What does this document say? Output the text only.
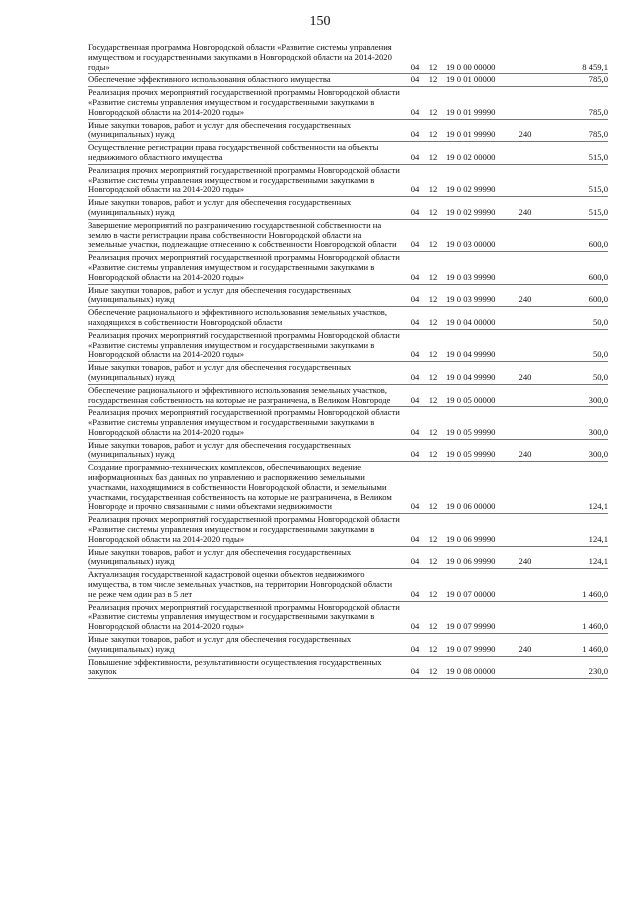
150
Государственная программа Новгородской области «Развитие системы управления имуществом и государственными закупками в Новгородской области на 2014-2020 годы»	04	12	19 0 00 00000		8 459,1
Обеспечение эффективного использования областного имущества	04	12	19 0 01 00000		785,0
Реализация прочих мероприятий государственной программы Новгородской области «Развитие системы управления имуществом и государственными закупками в Новгородской области на 2014-2020 годы»	04	12	19 0 01 99990		785,0
Иные закупки товаров, работ и услуг для обеспечения государственных (муниципальных) нужд	04	12	19 0 01 99990	240	785,0
Осуществление регистрации права государственной собственности на объекты недвижимого областного имущества	04	12	19 0 02 00000		515,0
Реализация прочих мероприятий государственной программы Новгородской области «Развитие системы управления имуществом и государственными закупками в Новгородской области на 2014-2020 годы»	04	12	19 0 02 99990		515,0
Иные закупки товаров, работ и услуг для обеспечения государственных (муниципальных) нужд	04	12	19 0 02 99990	240	515,0
Завершение мероприятий по разграничению государственной собственности на землю в части регистрации права собственности Новгородской области на земельные участки, подлежащие отнесению к собственности Новгородской области	04	12	19 0 03 00000		600,0
Реализация прочих мероприятий государственной программы Новгородской области «Развитие системы управления имуществом и государственными закупками в Новгородской области на 2014-2020 годы»	04	12	19 0 03 99990		600,0
Иные закупки товаров, работ и услуг для обеспечения государственных (муниципальных) нужд	04	12	19 0 03 99990	240	600,0
Обеспечение рационального и эффективного использования земельных участков, находящихся в собственности Новгородской области	04	12	19 0 04 00000		50,0
Реализация прочих мероприятий государственной программы Новгородской области «Развитие системы управления имуществом и государственными закупками в Новгородской области на 2014-2020 годы»	04	12	19 0 04 99990		50,0
Иные закупки товаров, работ и услуг для обеспечения государственных (муниципальных) нужд	04	12	19 0 04 99990	240	50,0
Обеспечение рационального и эффективного использования земельных участков, государственная собственность на которые не разграничена, в Великом Новгороде	04	12	19 0 05 00000		300,0
Реализация прочих мероприятий государственной программы Новгородской области «Развитие системы управления имуществом и государственными закупками в Новгородской области на 2014-2020 годы»	04	12	19 0 05 99990		300,0
Иные закупки товаров, работ и услуг для обеспечения государственных (муниципальных) нужд	04	12	19 0 05 99990	240	300,0
Создание программно-технических комплексов, обеспечивающих ведение информационных баз данных по управлению и распоряжению земельными участками, находящимися в собственности Новгородской области, и земельными участками, государственная собственность на которые не разграничена, в Великом Новгороде и прочно связанными с ними объектами недвижимости	04	12	19 0 06 00000		124,1
Реализация прочих мероприятий государственной программы Новгородской области «Развитие системы управления имуществом и государственными закупками в Новгородской области на 2014-2020 годы»	04	12	19 0 06 99990		124,1
Иные закупки товаров, работ и услуг для обеспечения государственных (муниципальных) нужд	04	12	19 0 06 99990	240	124,1
Актуализация государственной кадастровой оценки объектов недвижимого имущества, в том числе земельных участков, на территории Новгородской области не реже чем один раз в 5 лет	04	12	19 0 07 00000		1 460,0
Реализация прочих мероприятий государственной программы Новгородской области «Развитие системы управления имуществом и государственными закупками в Новгородской области на 2014-2020 годы»	04	12	19 0 07 99990		1 460,0
Иные закупки товаров, работ и услуг для обеспечения государственных (муниципальных) нужд	04	12	19 0 07 99990	240	1 460,0
Повышение эффективности, результативности осуществления государственных закупок	04	12	19 0 08 00000		230,0
